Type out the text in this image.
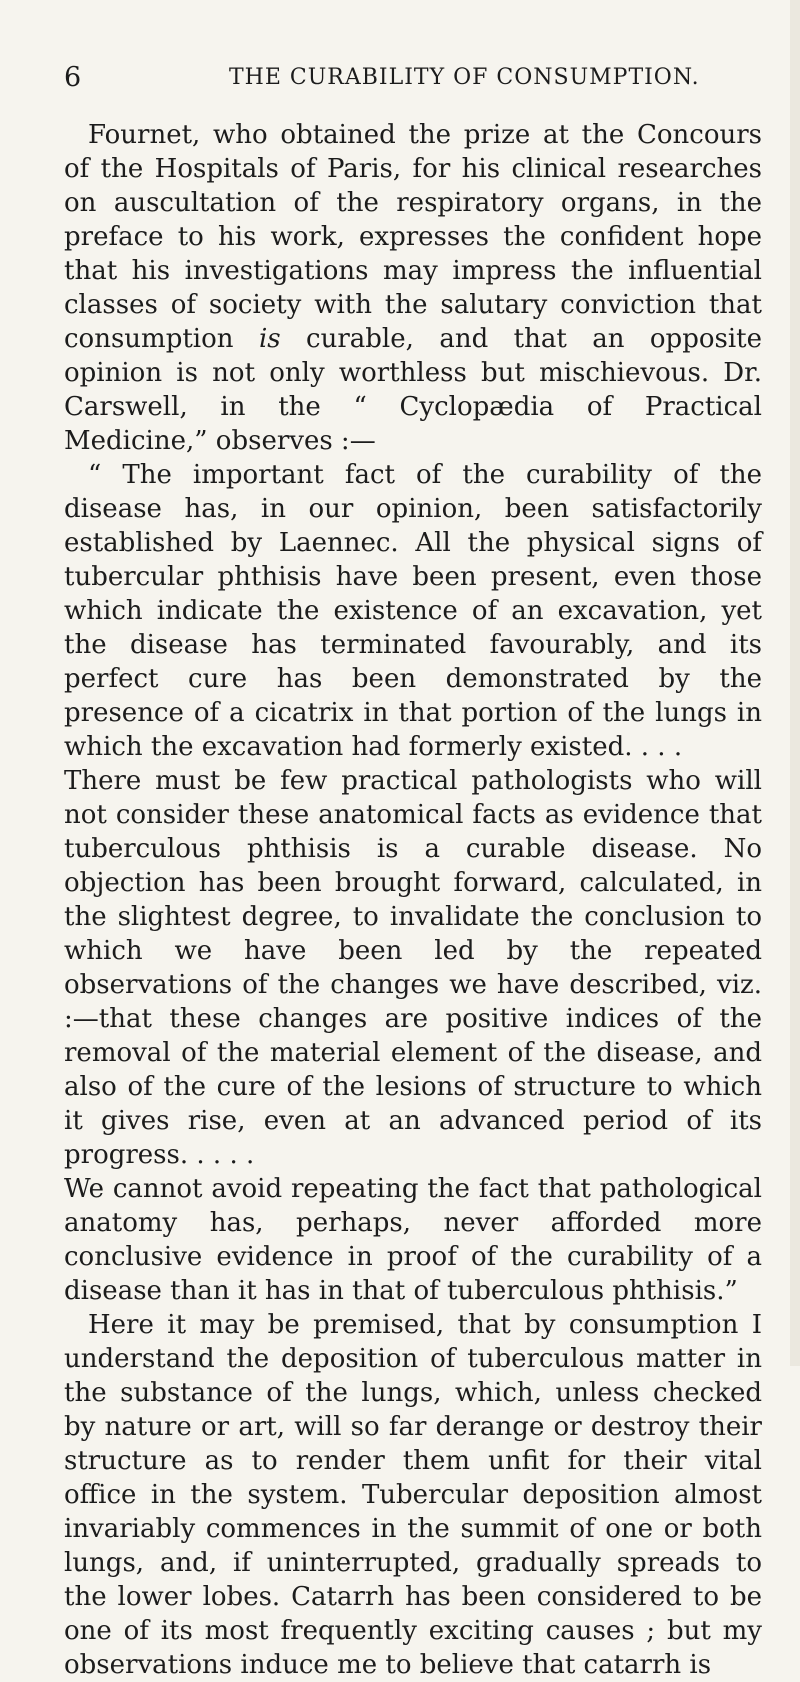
6	THE CURABILITY OF CONSUMPTION.

Fournet, who obtained the prize at the Concours of the Hospitals of Paris, for his clinical researches on auscultation of the respiratory organs, in the preface to his work, expresses the confident hope that his investigations may impress the influential classes of society with the salutary conviction that consumption is curable, and that an opposite opinion is not only worthless but mischievous. Dr. Carswell, in the “ Cyclopædia of Practical Medicine,” observes :—

“ The important fact of the curability of the disease has, in our opinion, been satisfactorily established by Laennec. All the physical signs of tubercular phthisis have been present, even those which indicate the existence of an excavation, yet the disease has terminated favourably, and its perfect cure has been demonstrated by the presence of a cicatrix in that portion of the lungs in which the excavation had formerly existed. . . .

There must be few practical pathologists who will not consider these anatomical facts as evidence that tuberculous phthisis is a curable disease. No objection has been brought forward, calculated, in the slightest degree, to invalidate the conclusion to which we have been led by the repeated observations of the changes we have described, viz. :—that these changes are positive indices of the removal of the material element of the disease, and also of the cure of the lesions of structure to which it gives rise, even at an advanced period of its progress. . . . .

We cannot avoid repeating the fact that pathological anatomy has, perhaps, never afforded more conclusive evidence in proof of the curability of a disease than it has in that of tuberculous phthisis.”

Here it may be premised, that by consumption I understand the deposition of tuberculous matter in the substance of the lungs, which, unless checked by nature or art, will so far derange or destroy their structure as to render them unfit for their vital office in the system. Tubercular deposition almost invariably commences in the summit of one or both lungs, and, if uninterrupted, gradually spreads to the lower lobes. Catarrh has been considered to be one of its most frequently exciting causes ; but my observations induce me to believe that catarrh is
